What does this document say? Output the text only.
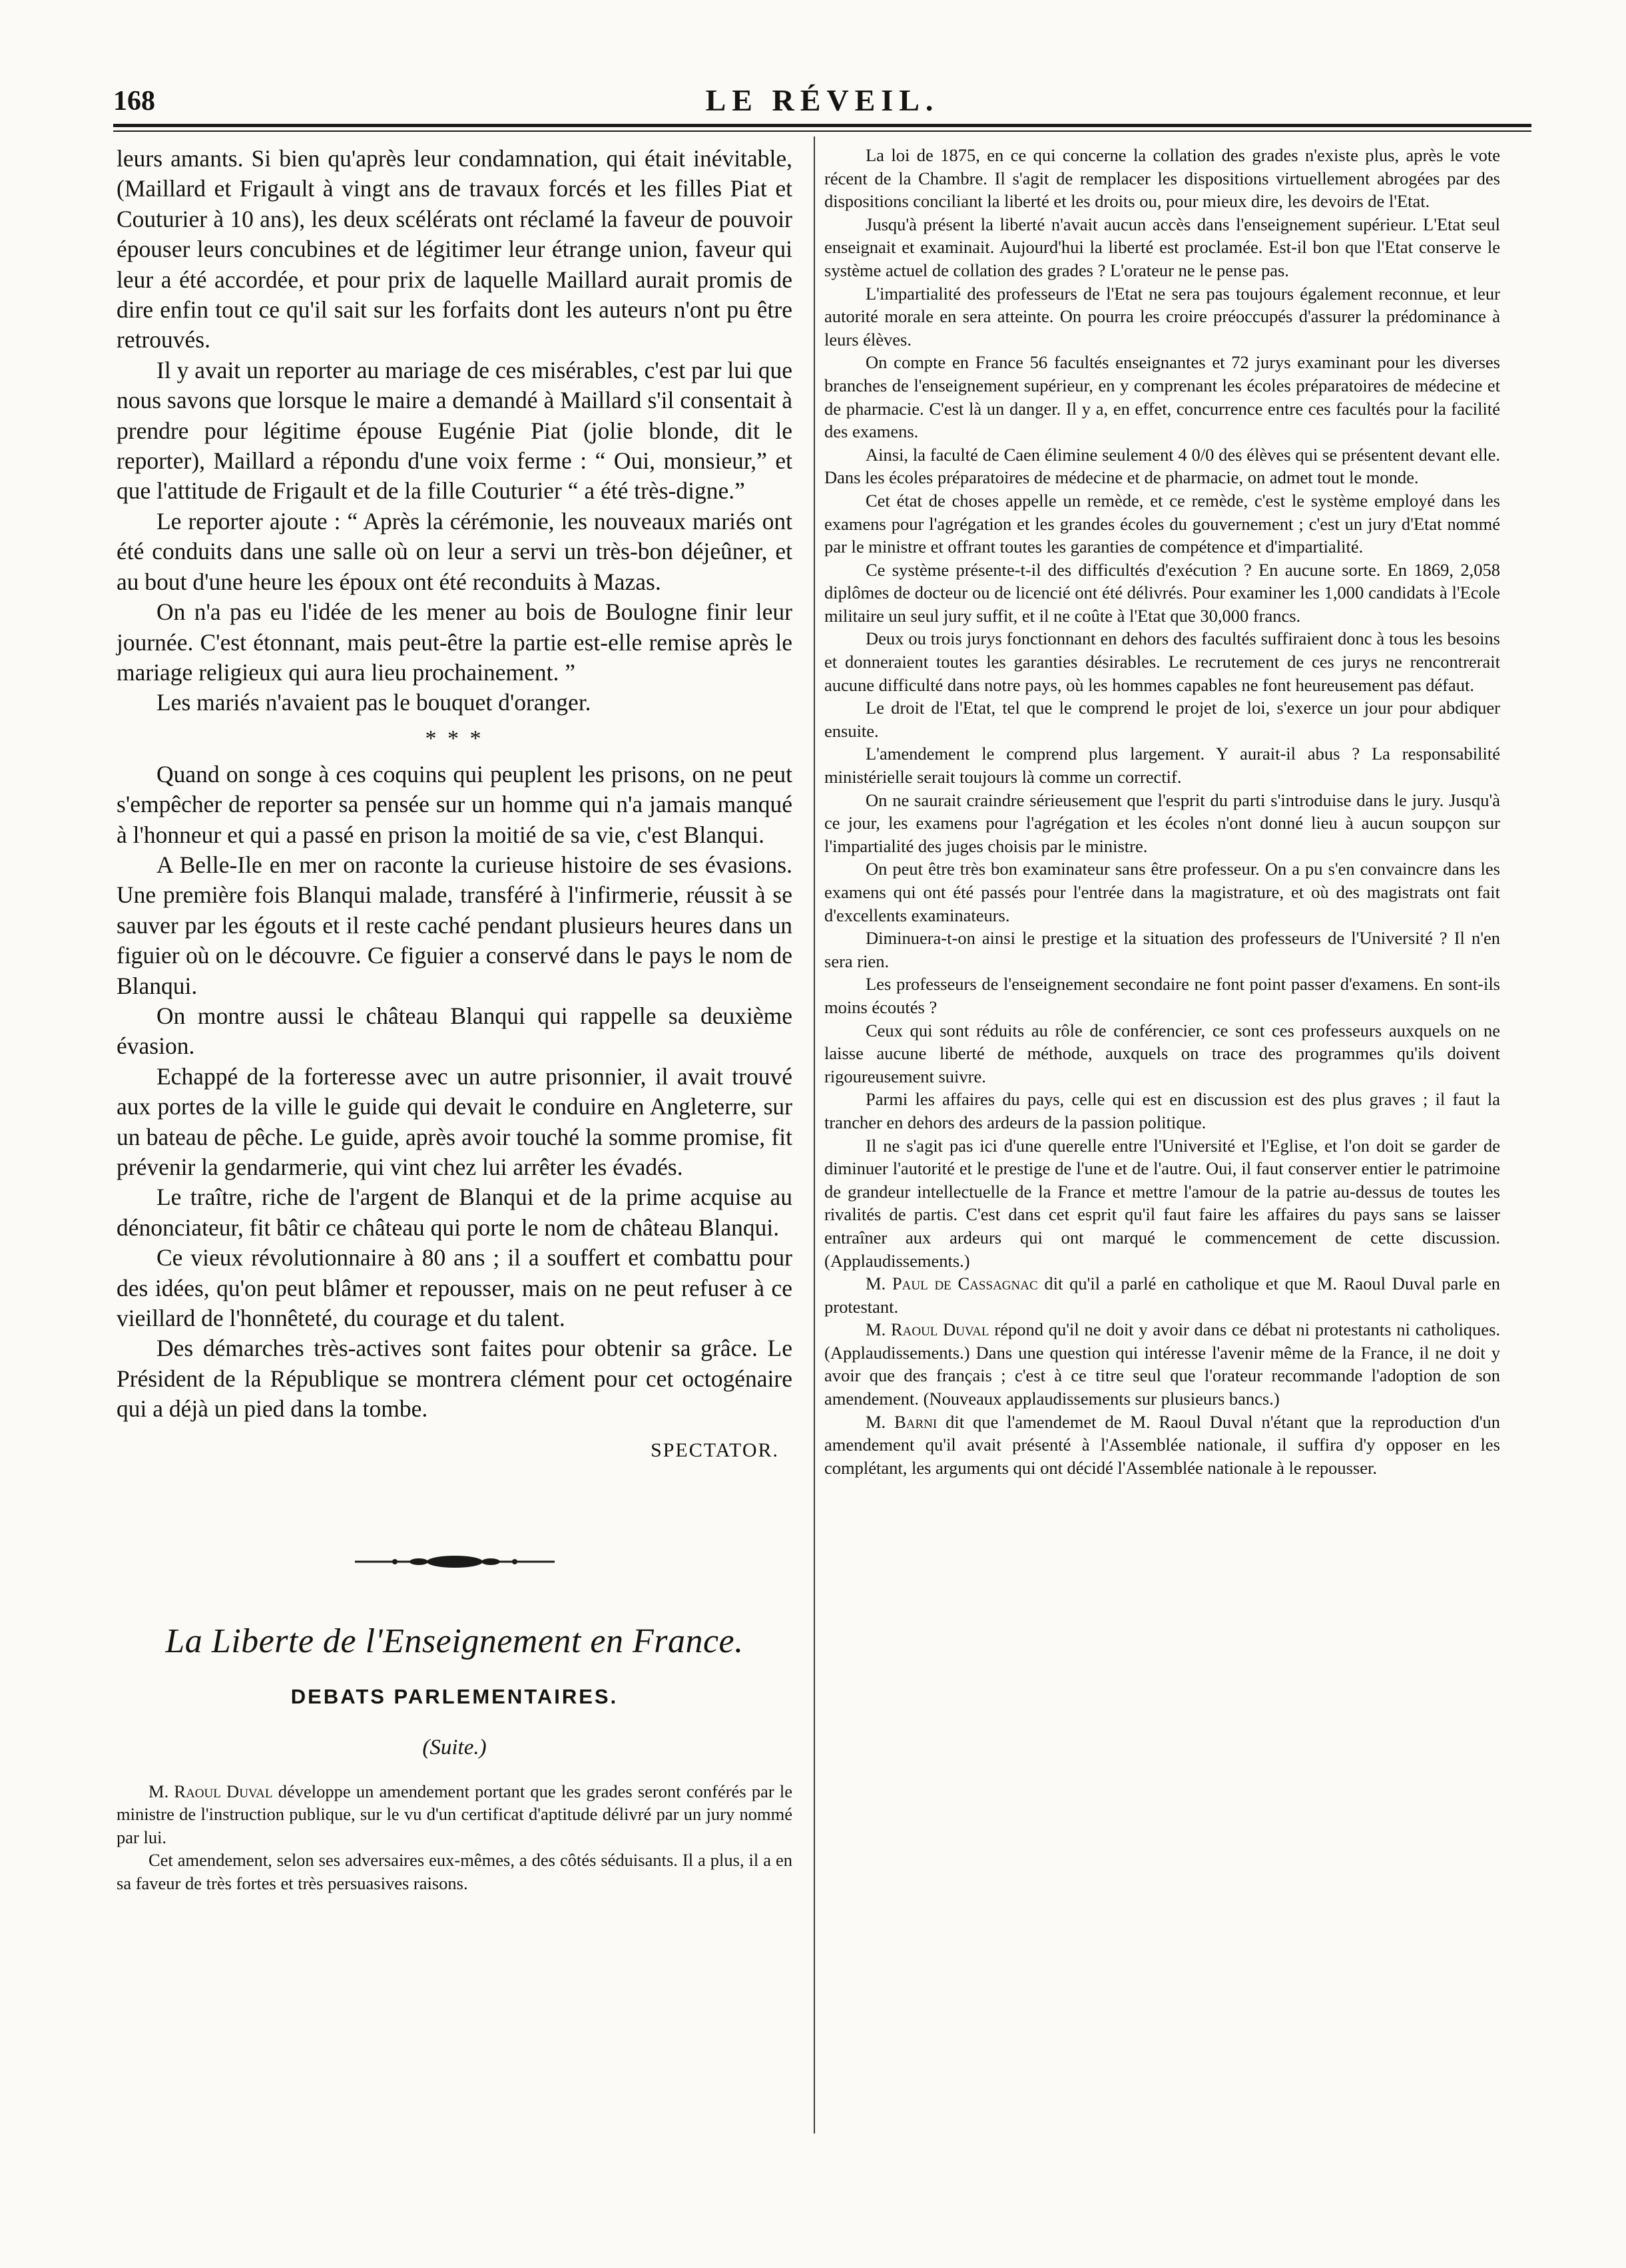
168	LE RÉVEIL.

leurs amants. Si bien qu'après leur condamnation, qui était inévitable, (Maillard et Frigault à vingt ans de travaux forcés et les filles Piat et Couturier à 10 ans), les deux scélérats ont réclamé la faveur de pouvoir épouser leurs concubines et de légitimer leur étrange union, faveur qui leur a été accordée, et pour prix de laquelle Maillard aurait promis de dire enfin tout ce qu'il sait sur les forfaits dont les auteurs n'ont pu être retrouvés.

Il y avait un reporter au mariage de ces misérables, c'est par lui que nous savons que lorsque le maire a demandé à Maillard s'il consentait à prendre pour légitime épouse Eugénie Piat (jolie blonde, dit le reporter), Maillard a répondu d'une voix ferme : “ Oui, monsieur,” et que l'attitude de Frigault et de la fille Couturier “ a été très-digne.”

Le reporter ajoute : “ Après la cérémonie, les nouveaux mariés ont été conduits dans une salle où on leur a servi un très-bon déjeûner, et au bout d'une heure les époux ont été reconduits à Mazas.

On n'a pas eu l'idée de les mener au bois de Boulogne finir leur journée. C'est étonnant, mais peut-être la partie est-elle remise après le mariage religieux qui aura lieu prochainement. ”

Les mariés n'avaient pas le bouquet d'oranger.

* * *

Quand on songe à ces coquins qui peuplent les prisons, on ne peut s'empêcher de reporter sa pensée sur un homme qui n'a jamais manqué à l'honneur et qui a passé en prison la moitié de sa vie, c'est Blanqui.

A Belle-Ile en mer on raconte la curieuse histoire de ses évasions. Une première fois Blanqui malade, transféré à l'infirmerie, réussit à se sauver par les égouts et il reste caché pendant plusieurs heures dans un figuier où on le découvre. Ce figuier a conservé dans le pays le nom de Blanqui.

On montre aussi le château Blanqui qui rappelle sa deuxième évasion.

Echappé de la forteresse avec un autre prisonnier, il avait trouvé aux portes de la ville le guide qui devait le conduire en Angleterre, sur un bateau de pêche. Le guide, après avoir touché la somme promise, fit prévenir la gendarmerie, qui vint chez lui arrêter les évadés.

Le traître, riche de l'argent de Blanqui et de la prime acquise au dénonciateur, fit bâtir ce château qui porte le nom de château Blanqui.

Ce vieux révolutionnaire à 80 ans ; il a souffert et combattu pour des idées, qu'on peut blâmer et repousser, mais on ne peut refuser à ce vieillard de l'honnêteté, du courage et du talent.

Des démarches très-actives sont faites pour obtenir sa grâce. Le Président de la République se montrera clément pour cet octogénaire qui a déjà un pied dans la tombe.

SPECTATOR.
La Liberte de l'Enseignement en France.
DEBATS PARLEMENTAIRES.
(Suite.)

M. Raoul Duval développe un amendement portant que les grades seront conférés par le ministre de l'instruction publique, sur le vu d'un certificat d'aptitude délivré par un jury nommé par lui.

Cet amendement, selon ses adversaires eux-mêmes, a des côtés séduisants. Il a plus, il a en sa faveur de très fortes et très persuasives raisons.

La loi de 1875, en ce qui concerne la collation des grades n'existe plus, après le vote récent de la Chambre. Il s'agit de remplacer les dispositions virtuellement abrogées par des dispositions conciliant la liberté et les droits ou, pour mieux dire, les devoirs de l'Etat.

Jusqu'à présent la liberté n'avait aucun accès dans l'enseignement supérieur. L'Etat seul enseignait et examinait. Aujourd'hui la liberté est proclamée. Est-il bon que l'Etat conserve le système actuel de collation des grades ? L'orateur ne le pense pas.

L'impartialité des professeurs de l'Etat ne sera pas toujours également reconnue, et leur autorité morale en sera atteinte. On pourra les croire préoccupés d'assurer la prédominance à leurs élèves.

On compte en France 56 facultés enseignantes et 72 jurys examinant pour les diverses branches de l'enseignement supérieur, en y comprenant les écoles préparatoires de médecine et de pharmacie. C'est là un danger. Il y a, en effet, concurrence entre ces facultés pour la facilité des examens.

Ainsi, la faculté de Caen élimine seulement 4 0/0 des élèves qui se présentent devant elle. Dans les écoles préparatoires de médecine et de pharmacie, on admet tout le monde.

Cet état de choses appelle un remède, et ce remède, c'est le système employé dans les examens pour l'agrégation et les grandes écoles du gouvernement ; c'est un jury d'Etat nommé par le ministre et offrant toutes les garanties de compétence et d'impartialité.

Ce système présente-t-il des difficultés d'exécution ? En aucune sorte. En 1869, 2,058 diplômes de docteur ou de licencié ont été délivrés. Pour examiner les 1,000 candidats à l'Ecole militaire un seul jury suffit, et il ne coûte à l'Etat que 30,000 francs.

Deux ou trois jurys fonctionnant en dehors des facultés suffiraient donc à tous les besoins et donneraient toutes les garanties désirables. Le recrutement de ces jurys ne rencontrerait aucune difficulté dans notre pays, où les hommes capables ne font heureusement pas défaut.

Le droit de l'Etat, tel que le comprend le projet de loi, s'exerce un jour pour abdiquer ensuite.

L'amendement le comprend plus largement. Y aurait-il abus ? La responsabilité ministérielle serait toujours là comme un correctif.

On ne saurait craindre sérieusement que l'esprit du parti s'introduise dans le jury. Jusqu'à ce jour, les examens pour l'agrégation et les écoles n'ont donné lieu à aucun soupçon sur l'impartialité des juges choisis par le ministre.

On peut être très bon examinateur sans être professeur. On a pu s'en convaincre dans les examens qui ont été passés pour l'entrée dans la magistrature, et où des magistrats ont fait d'excellents examinateurs.

Diminuera-t-on ainsi le prestige et la situation des professeurs de l'Université ? Il n'en sera rien.

Les professeurs de l'enseignement secondaire ne font point passer d'examens. En sont-ils moins écoutés ?

Ceux qui sont réduits au rôle de conférencier, ce sont ces professeurs auxquels on ne laisse aucune liberté de méthode, auxquels on trace des programmes qu'ils doivent rigoureusement suivre.

Parmi les affaires du pays, celle qui est en discussion est des plus graves ; il faut la trancher en dehors des ardeurs de la passion politique.

Il ne s'agit pas ici d'une querelle entre l'Université et l'Eglise, et l'on doit se garder de diminuer l'autorité et le prestige de l'une et de l'autre. Oui, il faut conserver entier le patrimoine de grandeur intellectuelle de la France et mettre l'amour de la patrie au-dessus de toutes les rivalités de partis. C'est dans cet esprit qu'il faut faire les affaires du pays sans se laisser entraîner aux ardeurs qui ont marqué le commencement de cette discussion. (Applaudissements.)

M. Paul de Cassagnac dit qu'il a parlé en catholique et que M. Raoul Duval parle en protestant.

M. Raoul Duval répond qu'il ne doit y avoir dans ce débat ni protestants ni catholiques. (Applaudissements.) Dans une question qui intéresse l'avenir même de la France, il ne doit y avoir que des français ; c'est à ce titre seul que l'orateur recommande l'adoption de son amendement. (Nouveaux applaudissements sur plusieurs bancs.)

M. Barni dit que l'amendemet de M. Raoul Duval n'étant que la reproduction d'un amendement qu'il avait présenté à l'Assemblée nationale, il suffira d'y opposer en les complétant, les arguments qui ont décidé l'Assemblée nationale à le repousser.
